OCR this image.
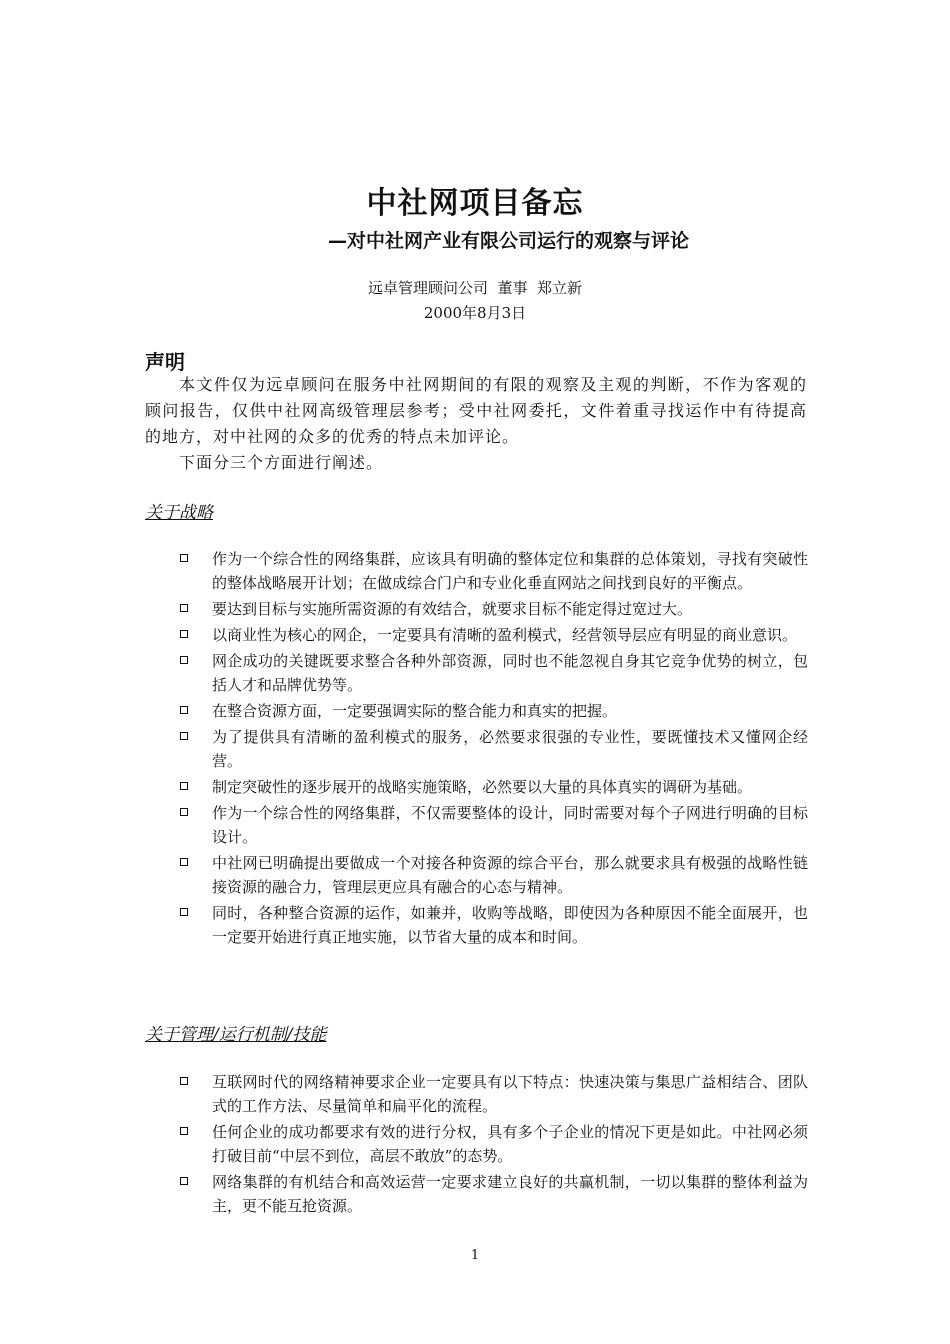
中社网项目备忘
—对中社网产业有限公司运行的观察与评论
远卓管理顾问公司  董事  郑立新
2000年8月3日
声明

本文件仅为远卓顾问在服务中社网期间的有限的观察及主观的判断，不作为客观的顾问报告，仅供中社网高级管理层参考；受中社网委托，文件着重寻找运作中有待提高的地方，对中社网的众多的优秀的特点未加评论。

下面分三个方面进行阐述。

关于战略
作为一个综合性的网络集群，应该具有明确的整体定位和集群的总体策划，寻找有突破性的整体战略展开计划；在做成综合门户和专业化垂直网站之间找到良好的平衡点。
要达到目标与实施所需资源的有效结合，就要求目标不能定得过宽过大。
以商业性为核心的网企，一定要具有清晰的盈利模式，经营领导层应有明显的商业意识。
网企成功的关键既要求整合各种外部资源，同时也不能忽视自身其它竞争优势的树立，包括人才和品牌优势等。
在整合资源方面，一定要强调实际的整合能力和真实的把握。
为了提供具有清晰的盈利模式的服务，必然要求很强的专业性，要既懂技术又懂网企经营。
制定突破性的逐步展开的战略实施策略，必然要以大量的具体真实的调研为基础。
作为一个综合性的网络集群，不仅需要整体的设计，同时需要对每个子网进行明确的目标设计。
中社网已明确提出要做成一个对接各种资源的综合平台，那么就要求具有极强的战略性链接资源的融合力，管理层更应具有融合的心态与精神。
同时，各种整合资源的运作，如兼并，收购等战略，即使因为各种原因不能全面展开，也一定要开始进行真正地实施，以节省大量的成本和时间。
关于管理/运行机制/技能
互联网时代的网络精神要求企业一定要具有以下特点：快速决策与集思广益相结合、团队式的工作方法、尽量简单和扁平化的流程。
任何企业的成功都要求有效的进行分权，具有多个子企业的情况下更是如此。中社网必须打破目前“中层不到位，高层不敢放”的态势。
网络集群的有机结合和高效运营一定要求建立良好的共赢机制，一切以集群的整体利益为主，更不能互抢资源。
1
